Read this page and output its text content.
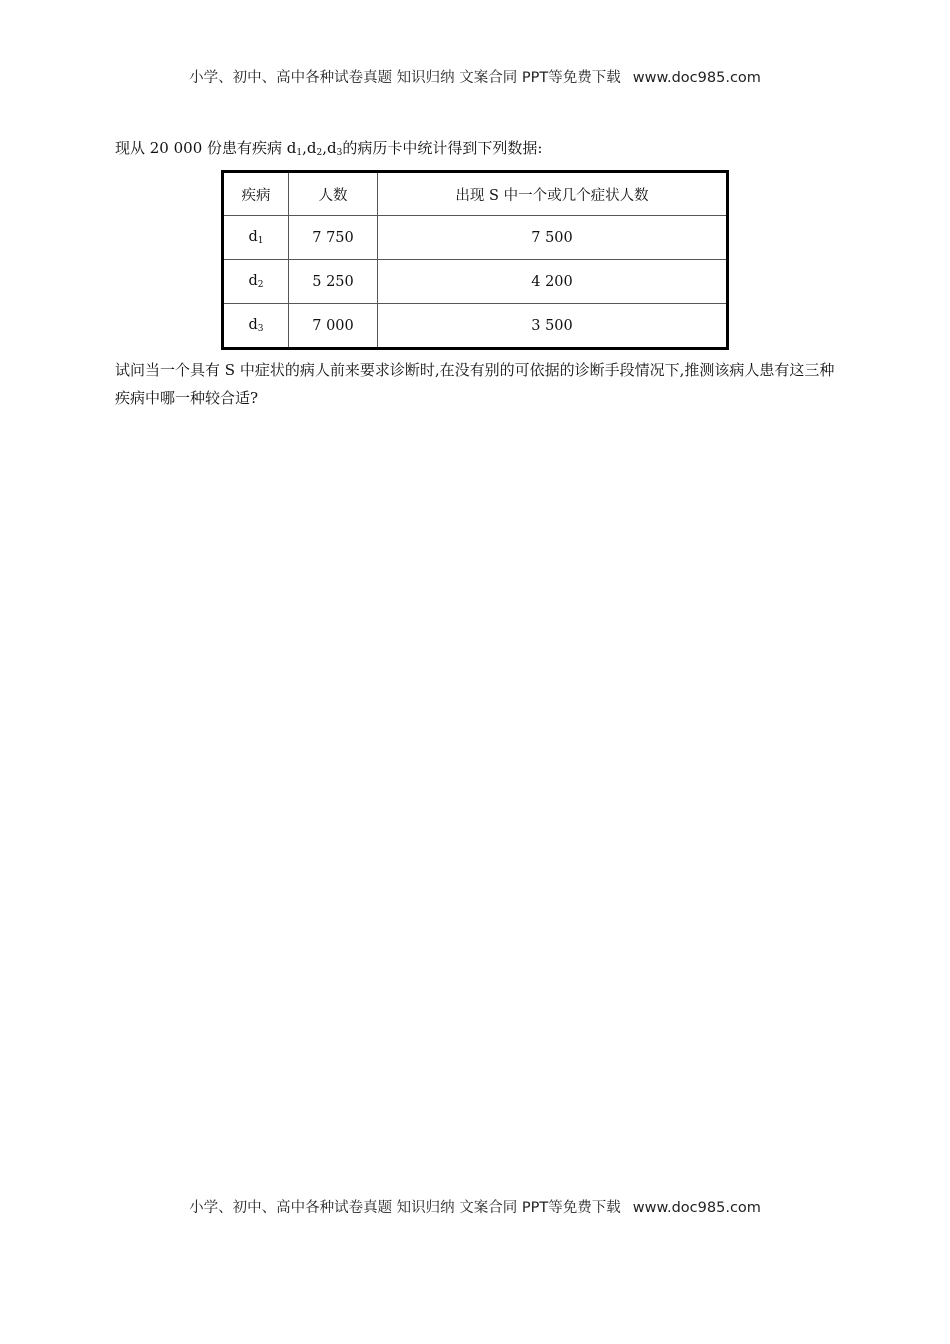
小学、初中、高中各种试卷真题 知识归纳 文案合同 PPT等免费下载 www.doc985.com
现从 20 000 份患有疾病 $d_1,d_2,d_3$的病历卡中统计得到下列数据:
疾病	人数	出现 S 中一个或几个症状人数
$d_1$	7 750	7 500
$d_2$	5 250	4 200
$d_3$	7 000	3 500
试问当一个具有 S 中症状的病人前来要求诊断时,在没有别的可依据的诊断手段情况下,推测该病人患有这三种疾病中哪一种较合适?
小学、初中、高中各种试卷真题 知识归纳 文案合同 PPT等免费下载 www.doc985.com
